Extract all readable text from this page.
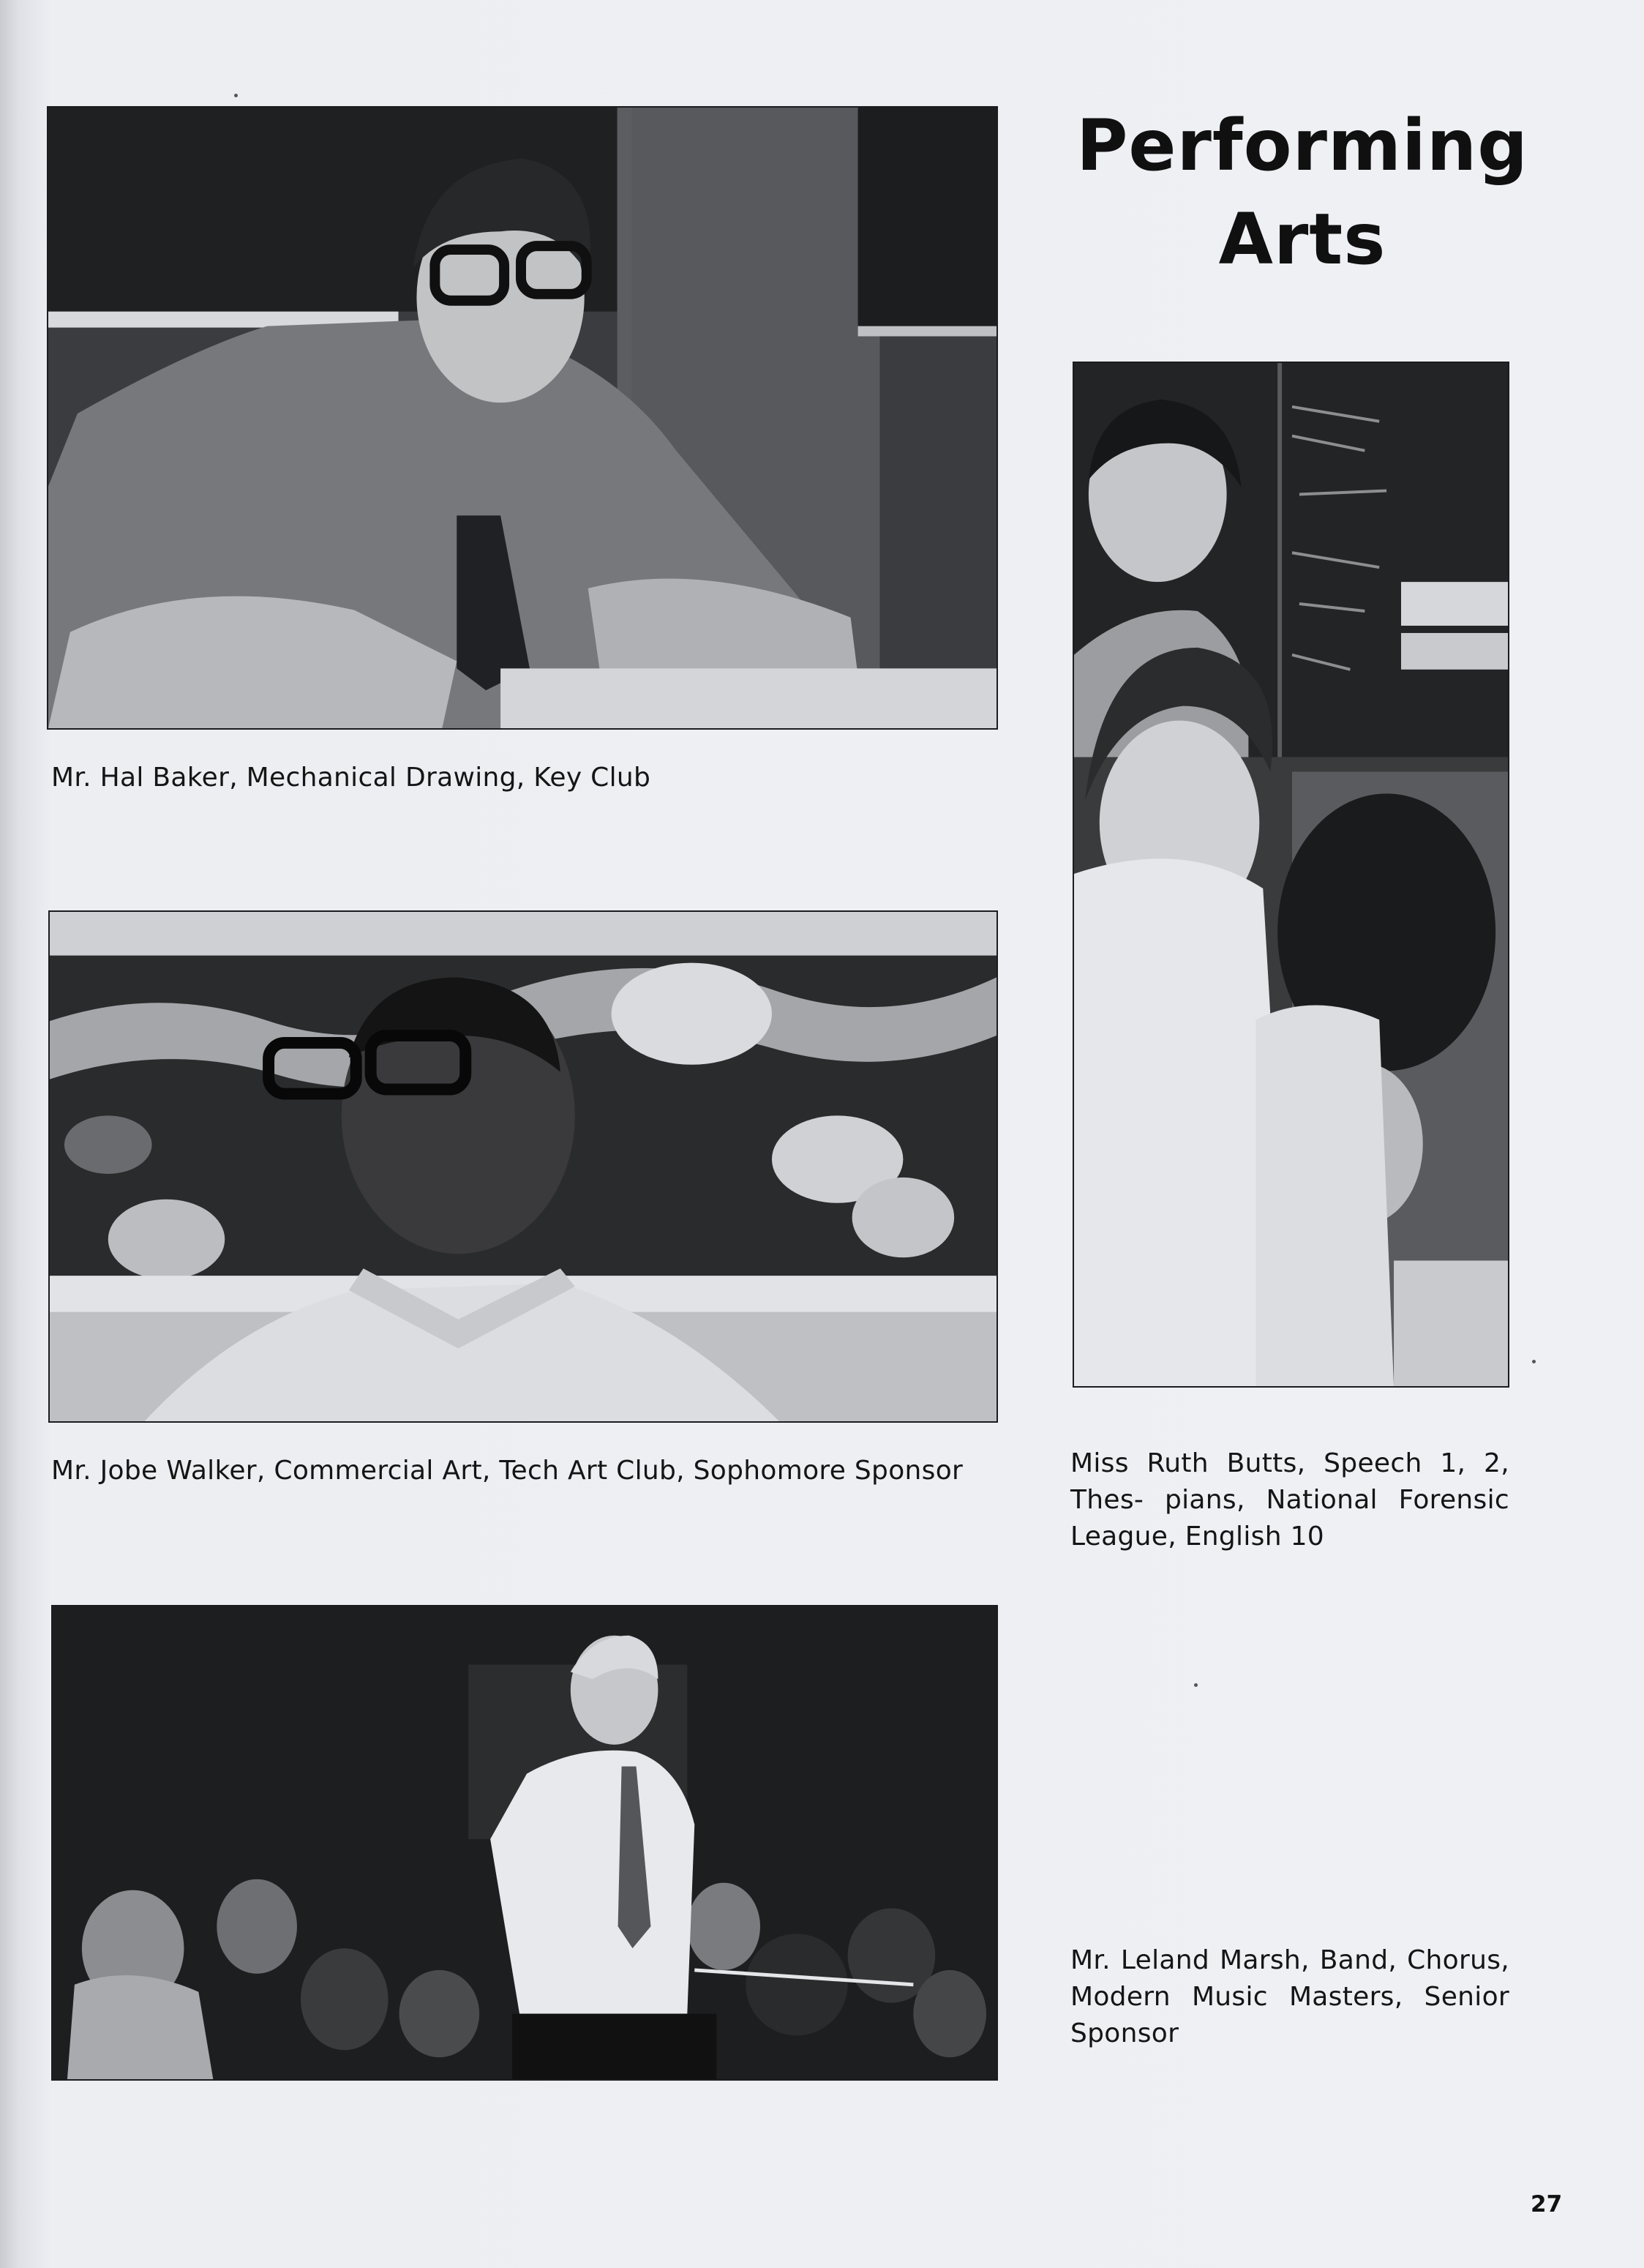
Mr. Hal Baker, Mechanical Drawing, Key Club

Mr. Jobe Walker, Commercial Art, Tech Art Club, Sophomore Sponsor

Performing
Arts

Miss Ruth Butts, Speech 1, 2, Thes- pians, National Forensic League, English 10

Mr. Leland Marsh, Band, Chorus, Modern Music Masters, Senior Sponsor

27
